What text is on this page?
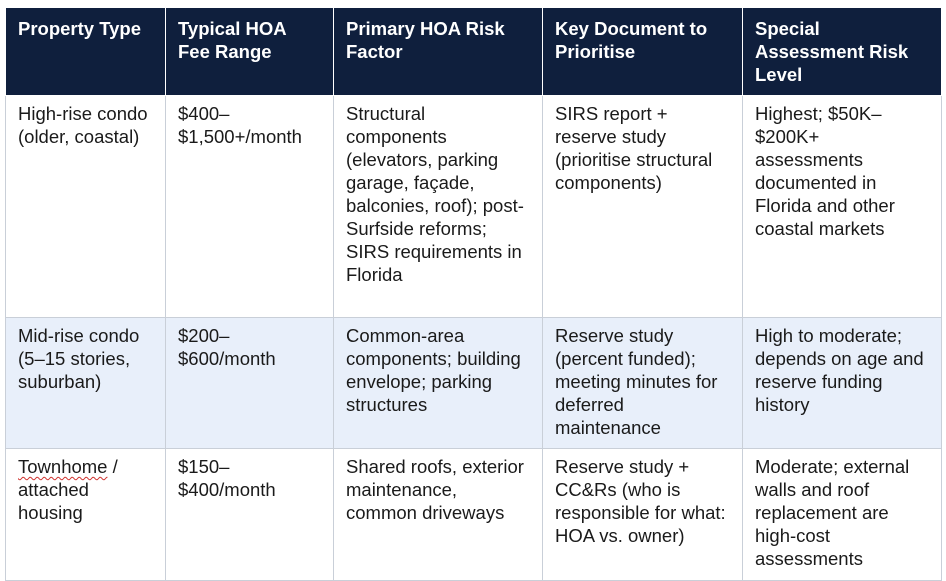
Property Type	Typical HOA Fee Range	Primary HOA Risk Factor	Key Document to Prioritise	Special Assessment Risk Level
High-rise condo (older, coastal)	$400–$1,500+/month	Structural components (elevators, parking garage, façade, balconies, roof); post-Surfside reforms; SIRS requirements in Florida	SIRS report + reserve study (prioritise structural components)	Highest; $50K–$200K+ assessments documented in Florida and other coastal markets
Mid-rise condo (5–15 stories, suburban)	$200–$600/month	Common-area components; building envelope; parking structures	Reserve study (percent funded); meeting minutes for deferred maintenance	High to moderate; depends on age and reserve funding history
Townhome / attached housing	$150–$400/month	Shared roofs, exterior maintenance, common driveways	Reserve study + CC&Rs (who is responsible for what: HOA vs. owner)	Moderate; external walls and roof replacement are high-cost assessments
